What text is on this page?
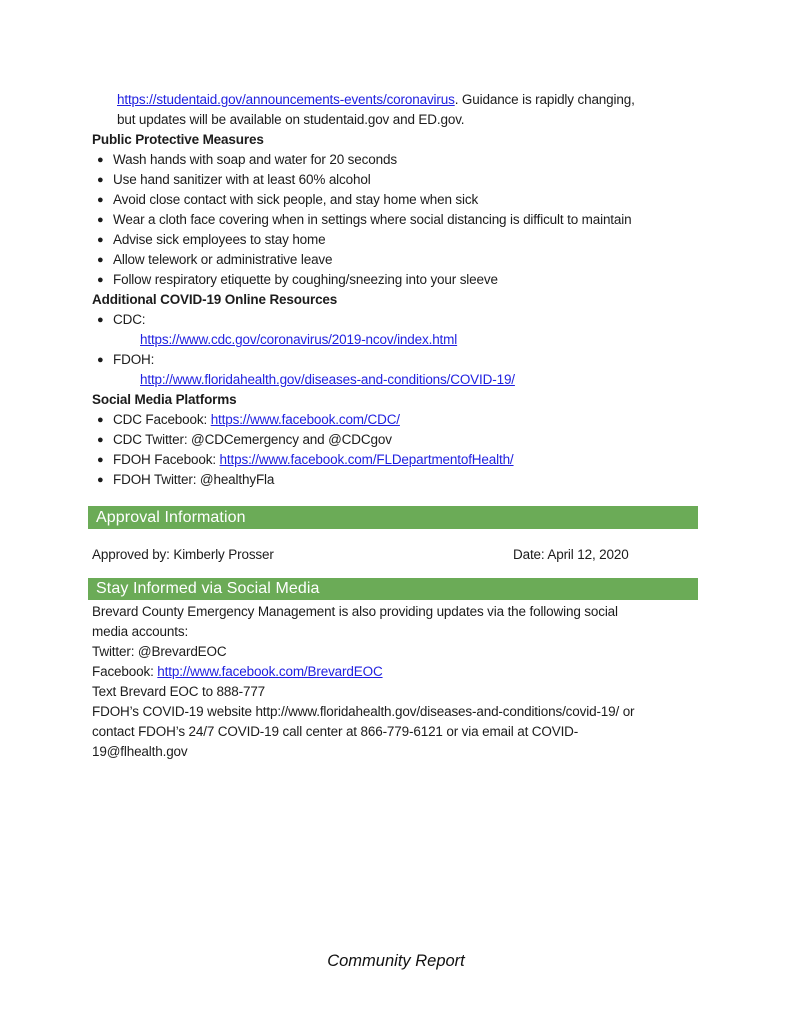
https://studentaid.gov/announcements-events/coronavirus. Guidance is rapidly changing,
but updates will be available on studentaid.gov and ED.gov.
Public Protective Measures
● Wash hands with soap and water for 20 seconds
● Use hand sanitizer with at least 60% alcohol
● Avoid close contact with sick people, and stay home when sick
● Wear a cloth face covering when in settings where social distancing is difficult to maintain
● Advise sick employees to stay home
● Allow telework or administrative leave
● Follow respiratory etiquette by coughing/sneezing into your sleeve
Additional COVID-19 Online Resources
● CDC:
https://www.cdc.gov/coronavirus/2019-ncov/index.html
● FDOH:
http://www.floridahealth.gov/diseases-and-conditions/COVID-19/
Social Media Platforms
● CDC Facebook: https://www.facebook.com/CDC/
● CDC Twitter: @CDCemergency and @CDCgov
● FDOH Facebook: https://www.facebook.com/FLDepartmentofHealth/
● FDOH Twitter: @healthyFla
Approval Information
Approved by: Kimberly Prosser	Date: April 12, 2020
Stay Informed via Social Media
Brevard County Emergency Management is also providing updates via the following social
media accounts:
Twitter: @BrevardEOC
Facebook: http://www.facebook.com/BrevardEOC
Text Brevard EOC to 888-777
FDOH’s COVID-19 website http://www.floridahealth.gov/diseases-and-conditions/covid-19/ or
contact FDOH’s 24/7 COVID-19 call center at 866-779-6121 or via email at COVID-
19@flhealth.gov
Community Report
